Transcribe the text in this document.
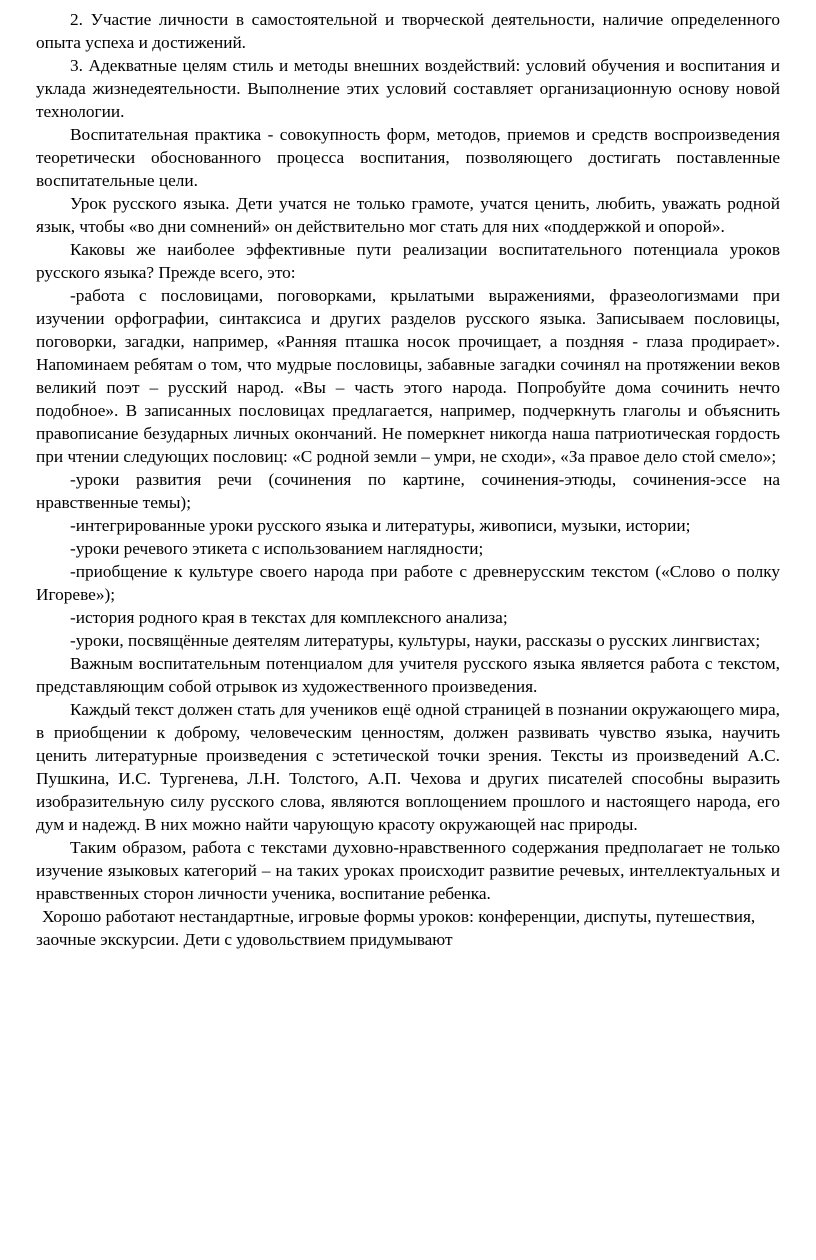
2. Участие личности в самостоятельной и творческой деятельности, наличие определенного опыта успеха и достижений.

3. Адекватные целям стиль и методы внешних воздействий: условий обучения и воспитания и уклада жизнедеятельности. Выполнение этих условий составляет организационную основу новой технологии.

Воспитательная практика - совокупность форм, методов, приемов и средств воспроизведения теоретически обоснованного процесса воспитания, позволяющего достигать поставленные воспитательные цели.

Урок русского языка. Дети учатся не только грамоте, учатся ценить, любить, уважать родной язык, чтобы «во дни сомнений» он действительно мог стать для них «поддержкой и опорой».

Каковы же наиболее эффективные пути реализации воспитательного потенциала уроков русского языка? Прежде всего, это:

-работа с пословицами, поговорками, крылатыми выражениями, фразеологизмами при изучении орфографии, синтаксиса и других разделов русского языка. Записываем пословицы, поговорки, загадки, например, «Ранняя пташка носок прочищает, а поздняя - глаза продирает». Напоминаем ребятам о том, что мудрые пословицы, забавные загадки сочинял на протяжении веков великий поэт – русский народ. «Вы – часть этого народа. Попробуйте дома сочинить нечто подобное». В записанных пословицах предлагается, например, подчеркнуть глаголы и объяснить правописание безударных личных окончаний. Не померкнет никогда наша патриотическая гордость при чтении следующих пословиц: «С родной земли – умри, не сходи», «За правое дело стой смело»;

-уроки развития речи (сочинения по картине, сочинения-этюды, сочинения-эссе на нравственные темы);

-интегрированные уроки русского языка и литературы, живописи, музыки, истории;

-уроки речевого этикета с использованием наглядности;

-приобщение к культуре своего народа при работе с древнерусским текстом («Слово о полку Игореве»);

-история родного края в текстах для комплексного анализа;

-уроки, посвящённые деятелям литературы, культуры, науки, рассказы о русских лингвистах;

Важным воспитательным потенциалом для учителя русского языка является работа с текстом, представляющим собой отрывок из художественного произведения.

Каждый текст должен стать для учеников ещё одной страницей в познании окружающего мира, в приобщении к доброму, человеческим ценностям, должен развивать чувство языка, научить ценить литературные произведения с эстетической точки зрения. Тексты из произведений А.С. Пушкина, И.С. Тургенева, Л.Н. Толстого, А.П. Чехова и других писателей способны выразить изобразительную силу русского слова, являются воплощением прошлого и настоящего народа, его дум и надежд. В них можно найти чарующую красоту окружающей нас природы.

Таким образом, работа с текстами духовно-нравственного содержания предполагает не только изучение языковых категорий – на таких уроках происходит развитие речевых, интеллектуальных и нравственных сторон личности ученика, воспитание ребенка.

Хорошо работают нестандартные, игровые формы уроков: конференции, диспуты, путешествия, заочные экскурсии. Дети с удовольствием придумывают
